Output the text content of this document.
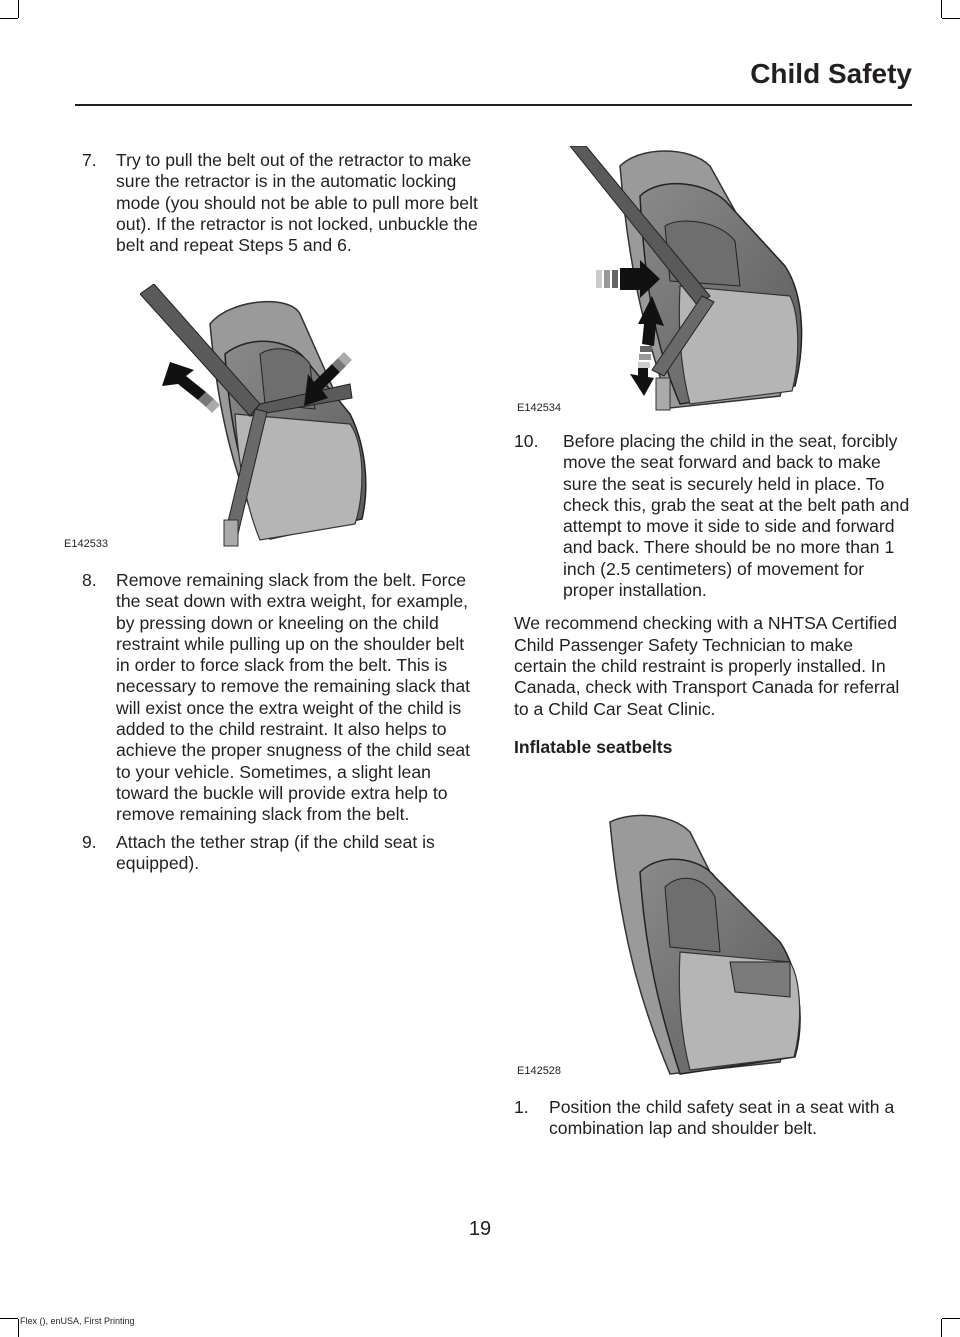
Child Safety
7. Try to pull the belt out of the retractor to make sure the retractor is in the automatic locking mode (you should not be able to pull more belt out). If the retractor is not locked, unbuckle the belt and repeat Steps 5 and 6.

E142533
8. Remove remaining slack from the belt. Force the seat down with extra weight, for example, by pressing down or kneeling on the child restraint while pulling up on the shoulder belt in order to force slack from the belt. This is necessary to remove the remaining slack that will exist once the extra weight of the child is added to the child restraint. It also helps to achieve the proper snugness of the child seat to your vehicle. Sometimes, a slight lean toward the buckle will provide extra help to remove remaining slack from the belt.

9. Attach the tether strap (if the child seat is equipped).

E142534
10. Before placing the child in the seat, forcibly move the seat forward and back to make sure the seat is securely held in place. To check this, grab the seat at the belt path and attempt to move it side to side and forward and back. There should be no more than 1 inch (2.5 centimeters) of movement for proper installation.

We recommend checking with a NHTSA Certified Child Passenger Safety Technician to make certain the child restraint is properly installed. In Canada, check with Transport Canada for referral to a Child Car Seat Clinic.

Inflatable seatbelts

E142528
1. Position the child safety seat in a seat with a combination lap and shoulder belt.

19
Flex (), enUSA, First Printing
